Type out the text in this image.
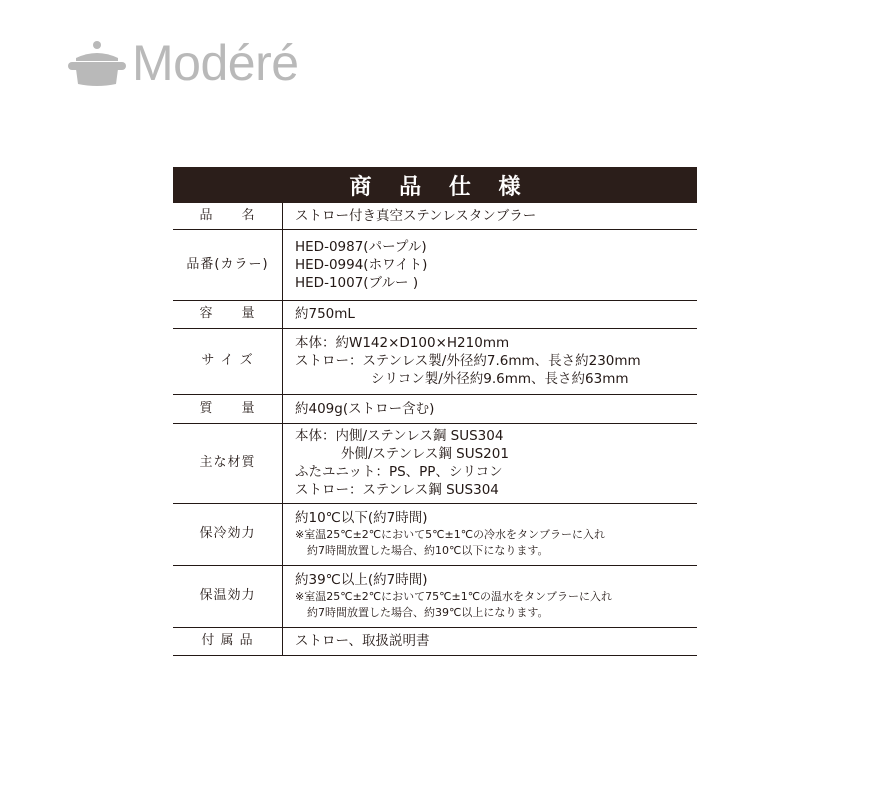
Modéré
商 品 仕 様
品　　名	ストロー付き真空ステンレスタンブラー

品番(カラー)	HED-0987(パープル)
HED-0994(ホワイト)
HED-1007(ブルー )

容　　量	約750mL

サ イ ズ	本体：約W142×D100×H210mm
ストロー：ステンレス製/外径約7.6mm、長さ約230mm
シリコン製/外径約9.6mm、長さ約63mm

質　　量	約409g(ストロー含む)

主な材質	本体：内側/ステンレス鋼 SUS304
外側/ステンレス鋼 SUS201
ふたユニット：PS、PP、シリコン
ストロー：ステンレス鋼 SUS304

保冷効力	約10℃以下(約7時間)
※室温25℃±2℃において5℃±1℃の冷水をタンブラーに入れ
約7時間放置した場合、約10℃以下になります。

保温効力	約39℃以上(約7時間)
※室温25℃±2℃において75℃±1℃の温水をタンブラーに入れ
約7時間放置した場合、約39℃以上になります。

付 属 品	ストロー、取扱説明書
